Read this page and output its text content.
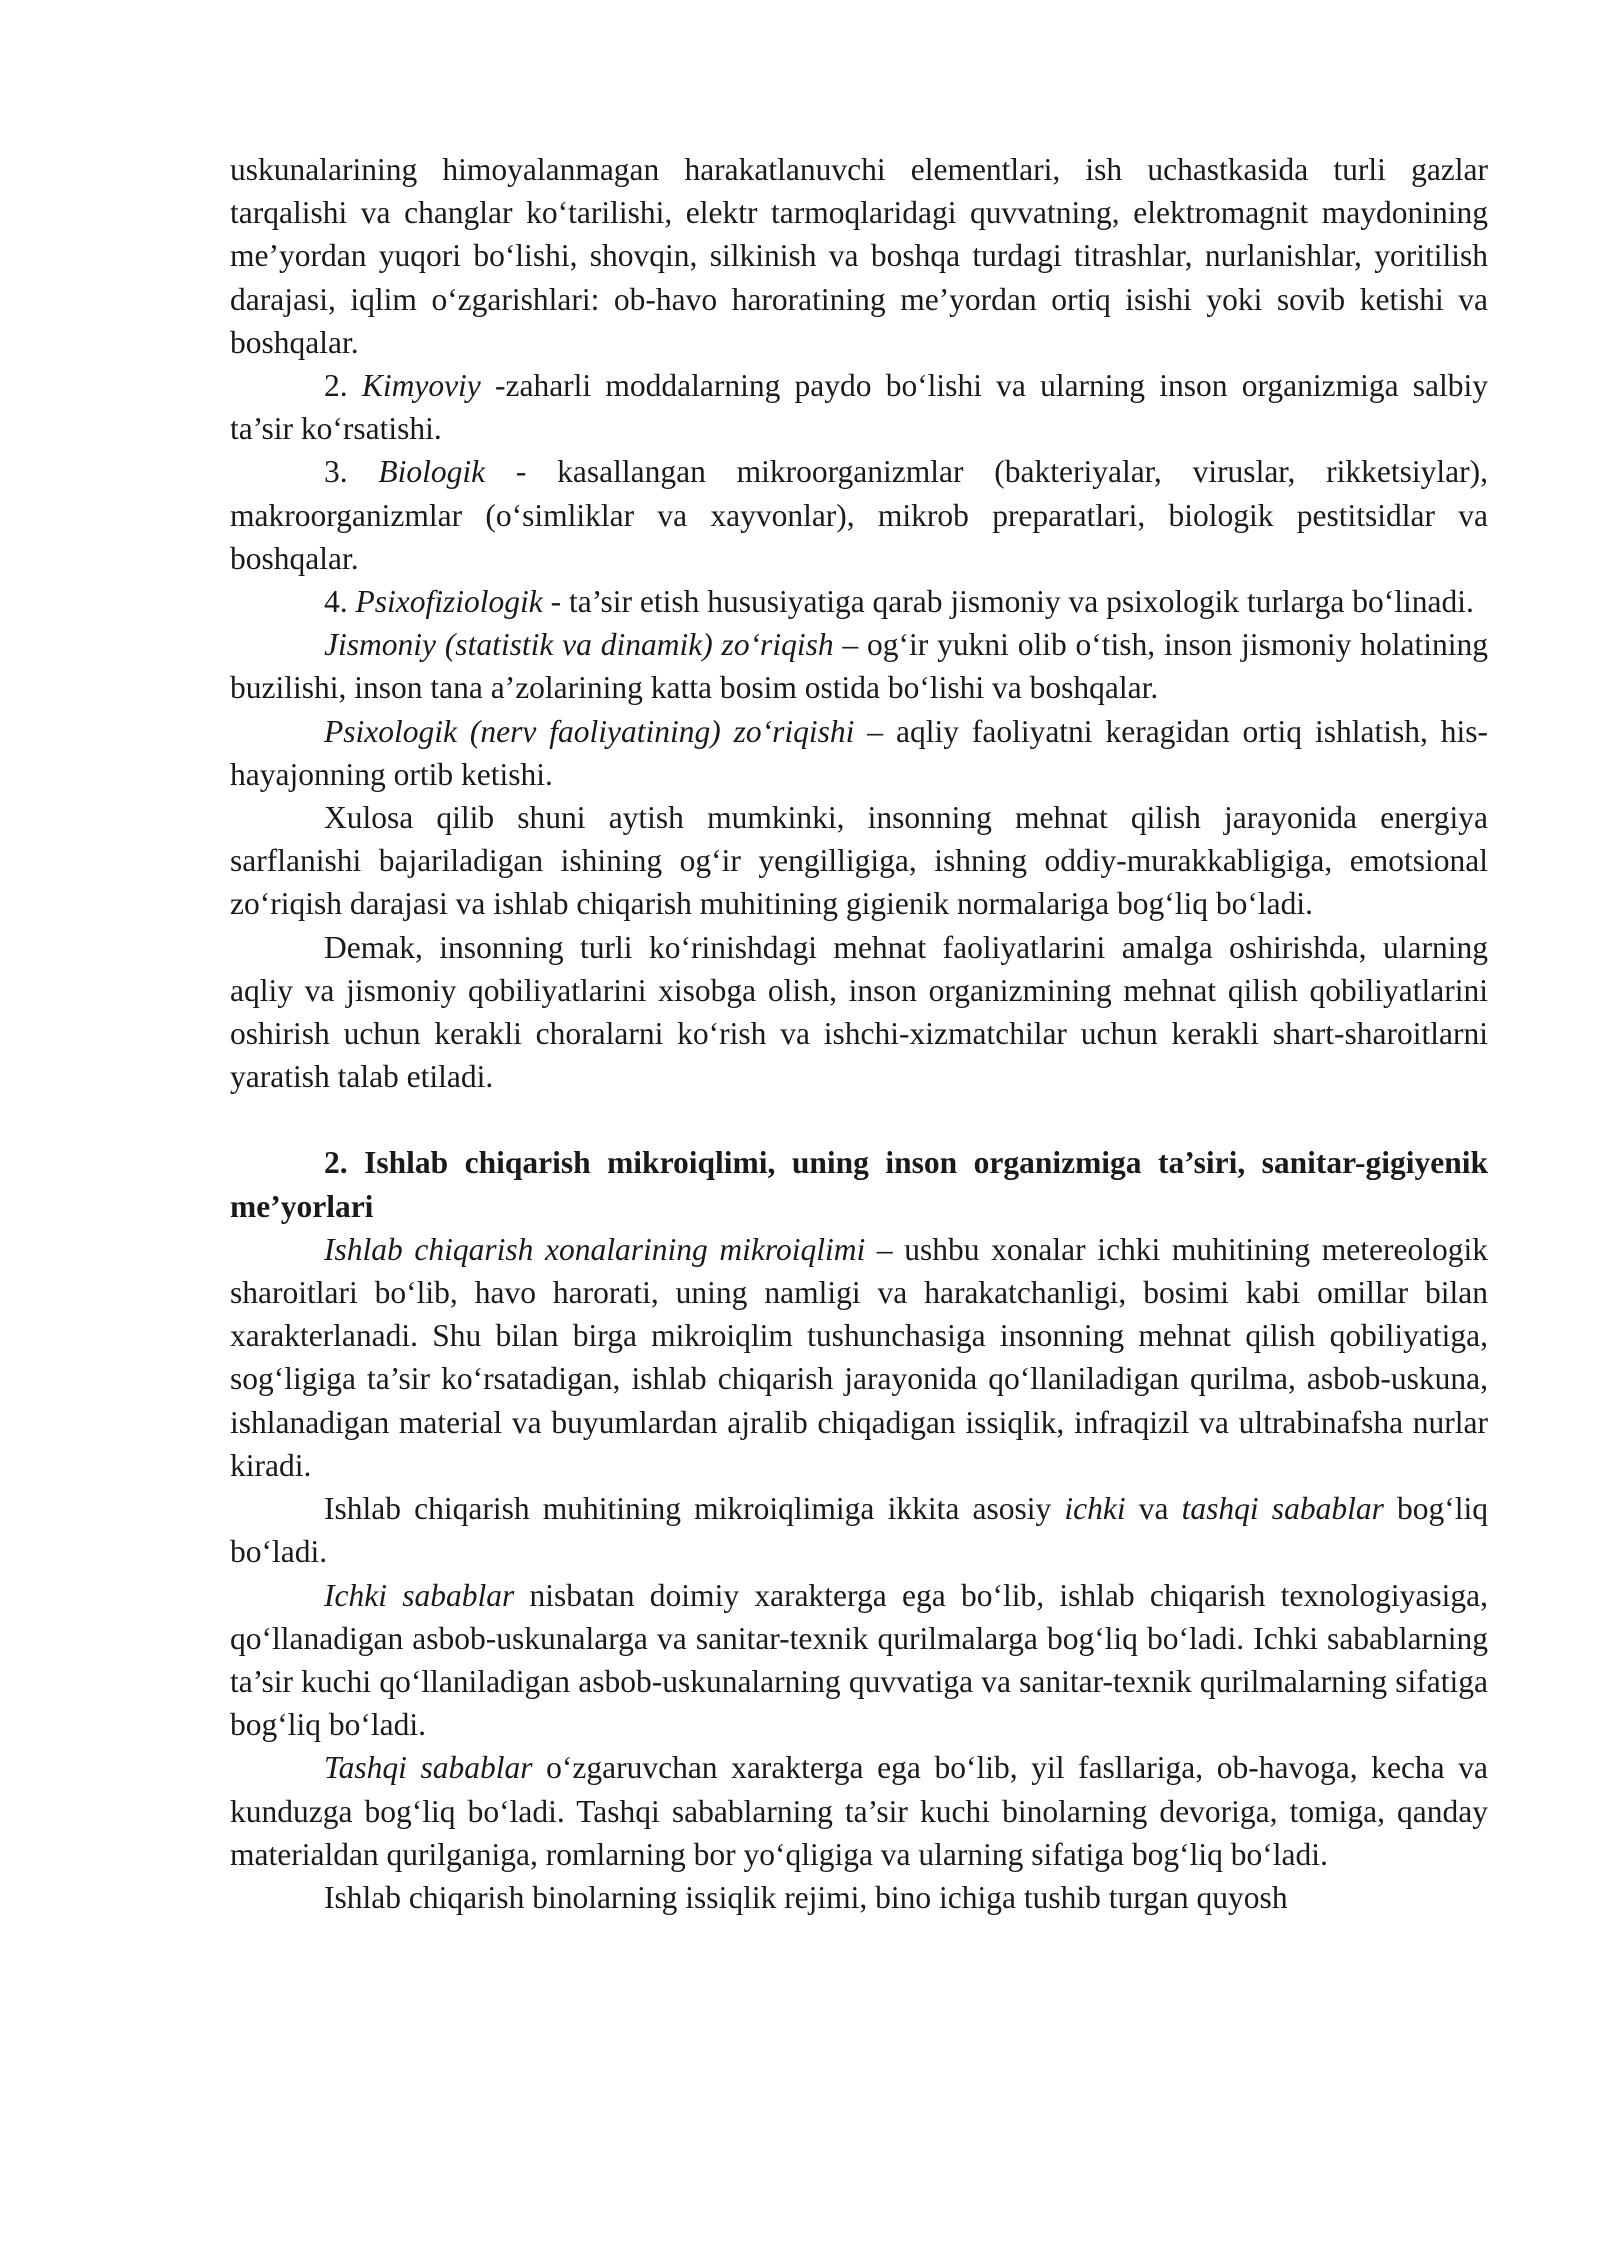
uskunalarining himoyalanmagan harakatlanuvchi elementlari, ish uchastkasida turli gazlar tarqalishi va changlar ko‘tarilishi, elektr tarmoqlaridagi quvvatning, elektromagnit maydonining me’yordan yuqori bo‘lishi, shovqin, silkinish va boshqa turdagi titrashlar, nurlanishlar, yoritilish darajasi, iqlim o‘zgarishlari: ob-havo haroratining me’yordan ortiq isishi yoki sovib ketishi va boshqalar.

2. Kimyoviy -zaharli moddalarning paydo bo‘lishi va ularning inson organizmiga salbiy ta’sir ko‘rsatishi.

3. Biologik - kasallangan mikroorganizmlar (bakteriyalar, viruslar, rikketsiylar), makroorganizmlar (o‘simliklar va xayvonlar), mikrob preparatlari, biologik pestitsidlar va boshqalar.

4. Psixofiziologik - ta’sir etish hususiyatiga qarab jismoniy va psixologik turlarga bo‘linadi.

Jismoniy (statistik va dinamik) zo‘riqish – og‘ir yukni olib o‘tish, inson jismoniy holatining buzilishi, inson tana a’zolarining katta bosim ostida bo‘lishi va boshqalar.

Psixologik (nerv faoliyatining) zo‘riqishi – aqliy faoliyatni keragidan ortiq ishlatish, his-hayajonning ortib ketishi.

Xulosa qilib shuni aytish mumkinki, insonning mehnat qilish jarayonida energiya sarflanishi bajariladigan ishining og‘ir yengilligiga, ishning oddiy-murakkabligiga, emotsional zo‘riqish darajasi va ishlab chiqarish muhitining gigienik normalariga bog‘liq bo‘ladi.

Demak, insonning turli ko‘rinishdagi mehnat faoliyatlarini amalga oshirishda, ularning aqliy va jismoniy qobiliyatlarini xisobga olish, inson organizmining mehnat qilish qobiliyatlarini oshirish uchun kerakli choralarni ko‘rish va ishchi-xizmatchilar uchun kerakli shart-sharoitlarni yaratish talab etiladi.

2. Ishlab chiqarish mikroiqlimi, uning inson organizmiga ta’siri, sanitar-gigiyenik me’yorlari

Ishlab chiqarish xonalarining mikroiqlimi – ushbu xonalar ichki muhitining metereologik sharoitlari bo‘lib, havo harorati, uning namligi va harakatchanligi, bosimi kabi omillar bilan xarakterlanadi. Shu bilan birga mikroiqlim tushunchasiga insonning mehnat qilish qobiliyatiga, sog‘ligiga ta’sir ko‘rsatadigan, ishlab chiqarish jarayonida qo‘llaniladigan qurilma, asbob-uskuna, ishlanadigan material va buyumlardan ajralib chiqadigan issiqlik, infraqizil va ultrabinafsha nurlar kiradi.

Ishlab chiqarish muhitining mikroiqlimiga ikkita asosiy ichki va tashqi sabablar bog‘liq bo‘ladi.

Ichki sabablar nisbatan doimiy xarakterga ega bo‘lib, ishlab chiqarish texnologiyasiga, qo‘llanadigan asbob-uskunalarga va sanitar-texnik qurilmalarga bog‘liq bo‘ladi. Ichki sabablarning ta’sir kuchi qo‘llaniladigan asbob-uskunalarning quvvatiga va sanitar-texnik qurilmalarning sifatiga bog‘liq bo‘ladi.

Tashqi sabablar o‘zgaruvchan xarakterga ega bo‘lib, yil fasllariga, ob-havoga, kecha va kunduzga bog‘liq bo‘ladi. Tashqi sabablarning ta’sir kuchi binolarning devoriga, tomiga, qanday materialdan qurilganiga, romlarning bor yo‘qligiga va ularning sifatiga bog‘liq bo‘ladi.

Ishlab chiqarish binolarning issiqlik rejimi, bino ichiga tushib turgan quyosh
